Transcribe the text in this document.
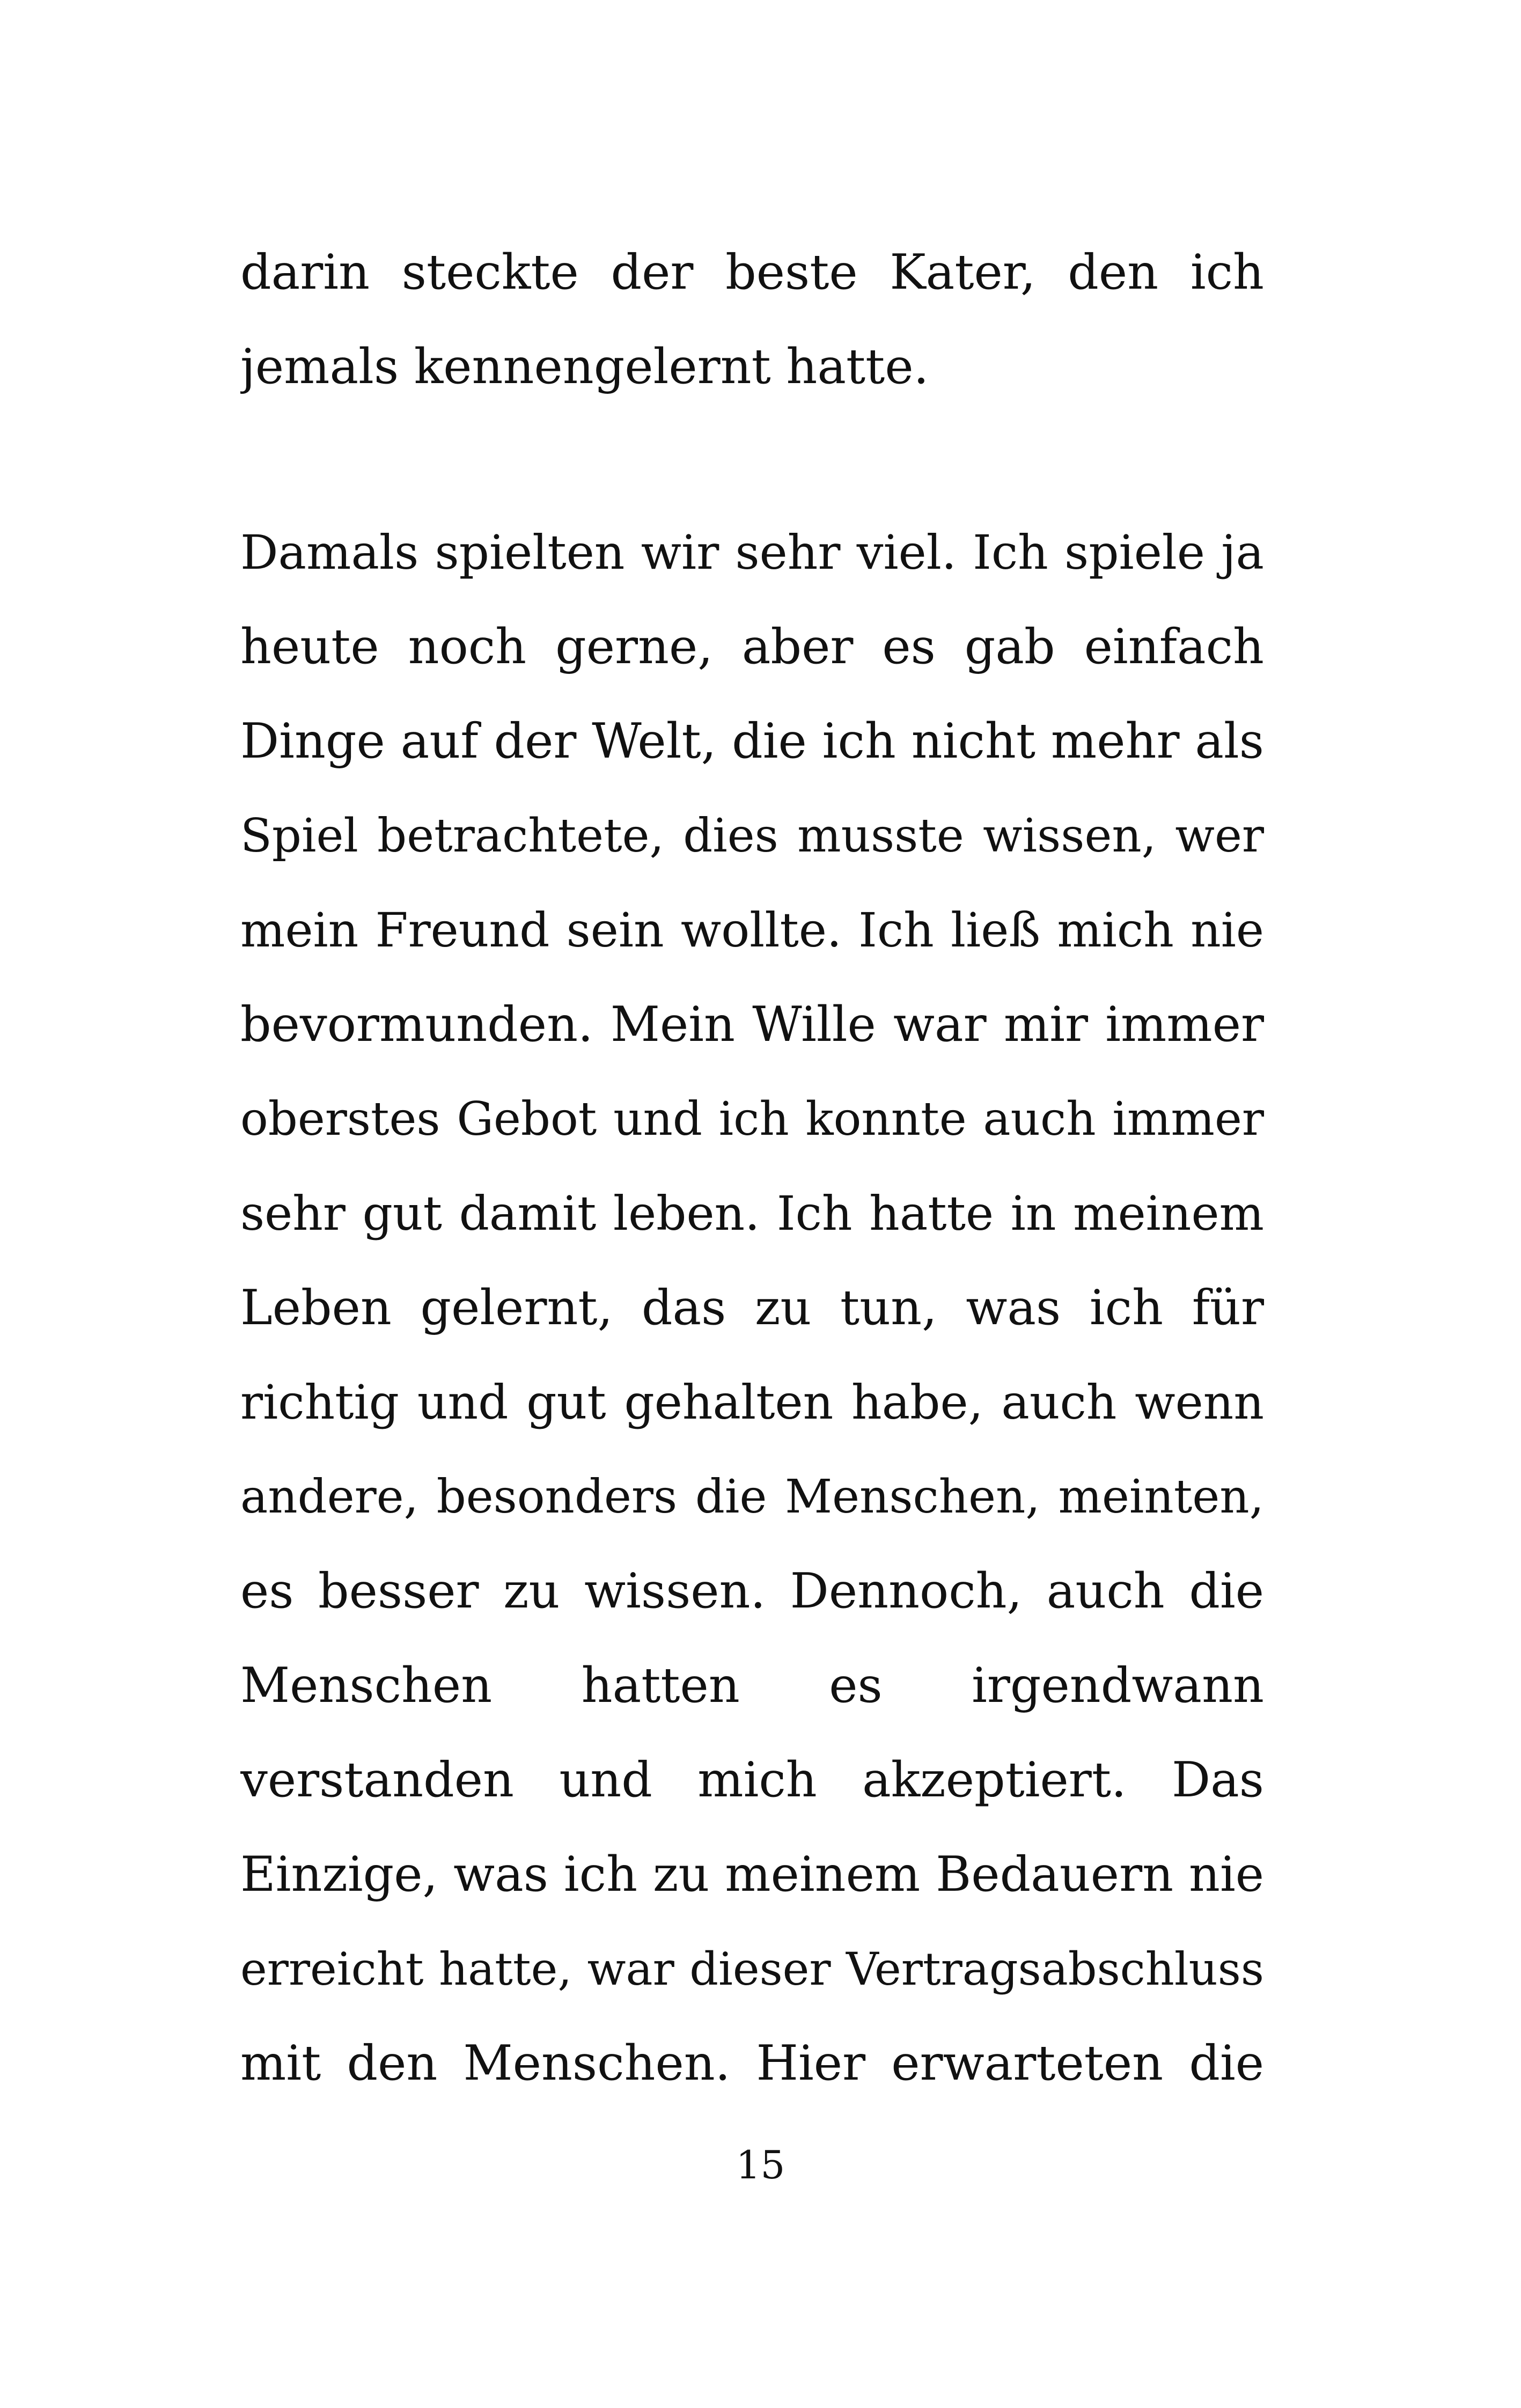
darin steckte der beste Kater, den ich
jemals kennengelernt hatte.
Damals spielten wir sehr viel. Ich spiele ja
heute noch gerne, aber es gab einfach
Dinge auf der Welt, die ich nicht mehr als
Spiel betrachtete, dies musste wissen, wer
mein Freund sein wollte. Ich ließ mich nie
bevormunden. Mein Wille war mir immer
oberstes Gebot und ich konnte auch immer
sehr gut damit leben. Ich hatte in meinem
Leben gelernt, das zu tun, was ich für
richtig und gut gehalten habe, auch wenn
andere, besonders die Menschen, meinten,
es besser zu wissen. Dennoch, auch die
Menschen hatten es irgendwann
verstanden und mich akzeptiert. Das
Einzige, was ich zu meinem Bedauern nie
erreicht hatte, war dieser Vertragsabschluss
mit den Menschen. Hier erwarteten die
15
